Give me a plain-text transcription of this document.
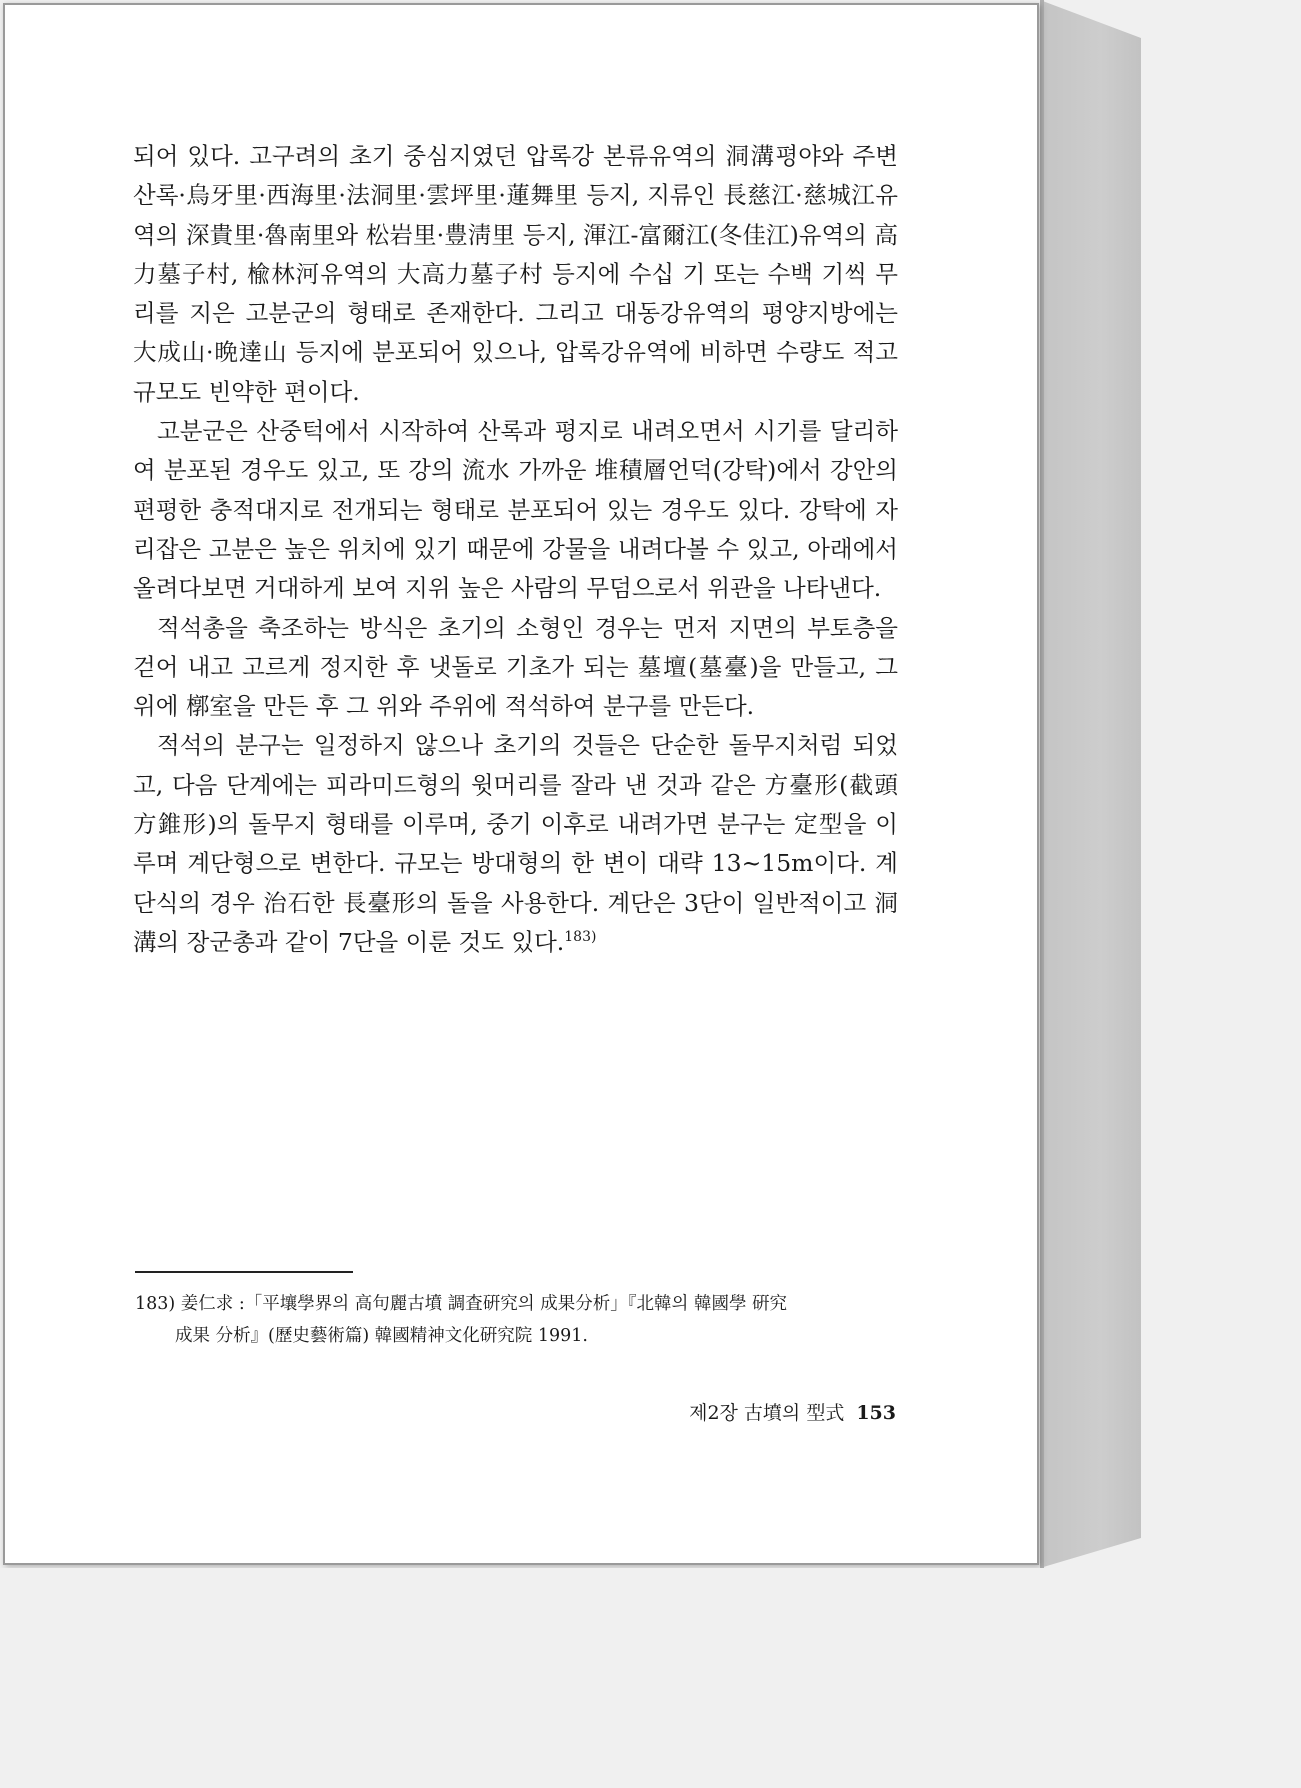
되어 있다. 고구려의 초기 중심지였던 압록강 본류유역의 洞溝평야와 주변 산록·烏牙里·西海里·法洞里·雲坪里·蓮舞里 등지, 지류인 長慈江·慈城江유역의 深貴里·魯南里와 松岩里·豊淸里 등지, 渾江-富爾江(冬佳江)유역의 高力墓子村, 楡林河유역의 大高力墓子村 등지에 수십 기 또는 수백 기씩 무리를 지은 고분군의 형태로 존재한다. 그리고 대동강유역의 평양지방에는 大成山·晩達山 등지에 분포되어 있으나, 압록강유역에 비하면 수량도 적고 규모도 빈약한 편이다.

고분군은 산중턱에서 시작하여 산록과 평지로 내려오면서 시기를 달리하여 분포된 경우도 있고, 또 강의 流水 가까운 堆積層언덕(강탁)에서 강안의 편평한 충적대지로 전개되는 형태로 분포되어 있는 경우도 있다. 강탁에 자리잡은 고분은 높은 위치에 있기 때문에 강물을 내려다볼 수 있고, 아래에서 올려다보면 거대하게 보여 지위 높은 사람의 무덤으로서 위관을 나타낸다.

적석총을 축조하는 방식은 초기의 소형인 경우는 먼저 지면의 부토층을 걷어 내고 고르게 정지한 후 냇돌로 기초가 되는 墓壇(墓臺)을 만들고, 그 위에 槨室을 만든 후 그 위와 주위에 적석하여 분구를 만든다.

적석의 분구는 일정하지 않으나 초기의 것들은 단순한 돌무지처럼 되었고, 다음 단계에는 피라미드형의 윗머리를 잘라 낸 것과 같은 方臺形(截頭方錐形)의 돌무지 형태를 이루며, 중기 이후로 내려가면 분구는 定型을 이루며 계단형으로 변한다. 규모는 방대형의 한 변이 대략 13~15m이다. 계단식의 경우 治石한 長臺形의 돌을 사용한다. 계단은 3단이 일반적이고 洞溝의 장군총과 같이 7단을 이룬 것도 있다.$^{183)}$

183) 姜仁求 :「平壤學界의 高句麗古墳 調査硏究의 成果分析」『北韓의 韓國學 硏究
成果 分析』(歷史藝術篇) 韓國精神文化硏究院 1991.
제2장 古墳의 型式 153
